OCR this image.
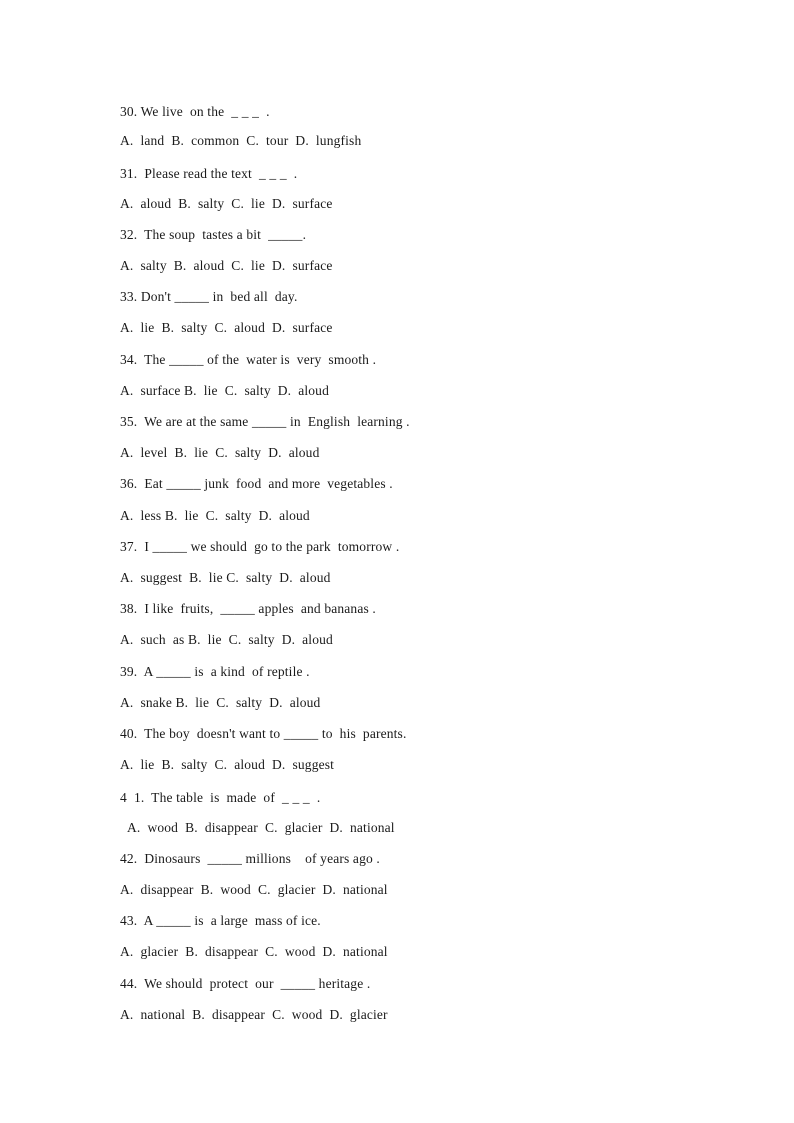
30. We live  on the  _ _ _  .
A.  land  B.  common  C.  tour  D.  lungfish
31.  Please read the text  _ _ _  .
A.  aloud  B.  salty  C.  lie  D.  surface
32.  The soup  tastes a bit  _____.
A.  salty  B.  aloud  C.  lie  D.  surface
33. Don't _____ in  bed all  day.
A.  lie  B.  salty  C.  aloud  D.  surface
34.  The _____ of the  water is  very  smooth .
A.  surface B.  lie  C.  salty  D.  aloud
35.  We are at the same _____ in  English  learning .
A.  level  B.  lie  C.  salty  D.  aloud
36.  Eat _____ junk  food  and more  vegetables .
A.  less B.  lie  C.  salty  D.  aloud
37.  I _____ we should  go to the park  tomorrow .
A.  suggest  B.  lie C.  salty  D.  aloud
38.  I like  fruits,  _____ apples  and bananas .
A.  such  as B.  lie  C.  salty  D.  aloud
39.  A _____ is  a kind  of reptile .
A.  snake B.  lie  C.  salty  D.  aloud
40.  The boy  doesn't want to _____ to  his  parents.
A.  lie  B.  salty  C.  aloud  D.  suggest
4  1.  The table  is  made  of  _ _ _  .
A.  wood  B.  disappear  C.  glacier  D.  national
42.  Dinosaurs  _____ millions    of years ago .
A.  disappear  B.  wood  C.  glacier  D.  national
43.  A _____ is  a large  mass of ice.
A.  glacier  B.  disappear  C.  wood  D.  national
44.  We should  protect  our  _____ heritage .
A.  national  B.  disappear  C.  wood  D.  glacier
